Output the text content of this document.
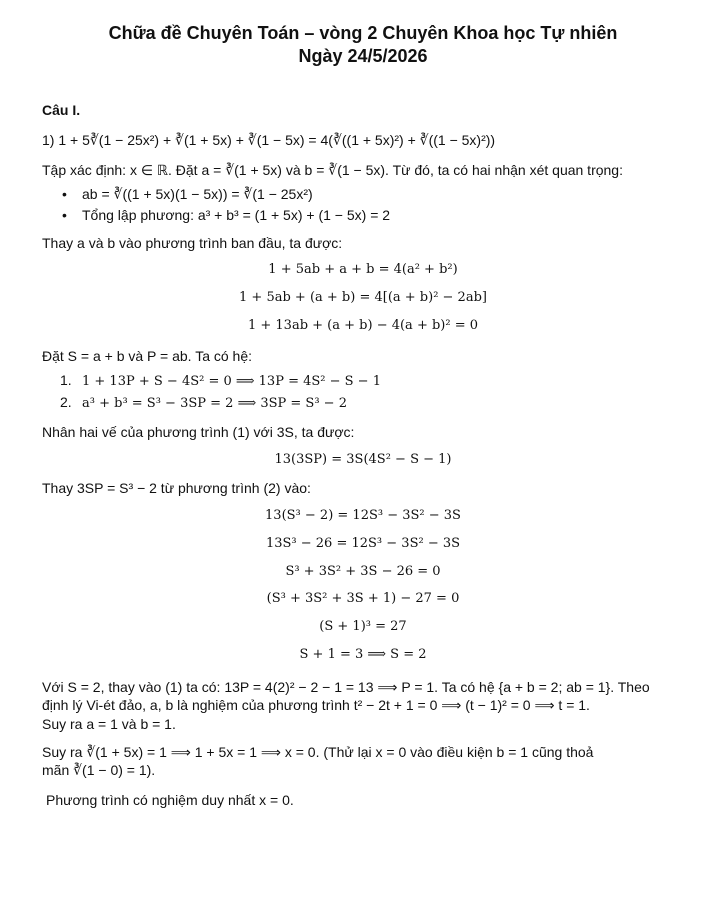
Chữa đề Chuyên Toán – vòng 2 Chuyên Khoa học Tự nhiên
Ngày 24/5/2026
Câu I.
1) 1 + 5∛(1 − 25x²) + ∛(1 + 5x) + ∛(1 − 5x) = 4(∛((1 + 5x)²) + ∛((1 − 5x)²))
Tập xác định: x ∈ ℝ. Đặt a = ∛(1 + 5x) và b = ∛(1 − 5x). Từ đó, ta có hai nhận xét quan trọng:
• ab = ∛((1 + 5x)(1 − 5x)) = ∛(1 − 25x²)
• Tổng lập phương: a³ + b³ = (1 + 5x) + (1 − 5x) = 2
Thay a và b vào phương trình ban đầu, ta được:
1 + 5ab + a + b = 4(a² + b²)
1 + 5ab + (a + b) = 4[(a + b)² − 2ab]
1 + 13ab + (a + b) − 4(a + b)² = 0
Đặt S = a + b và P = ab. Ta có hệ:
1. 1 + 13P + S − 4S² = 0 ⟹ 13P = 4S² − S − 1
2. a³ + b³ = S³ − 3SP = 2 ⟹ 3SP = S³ − 2
Nhân hai vế của phương trình (1) với 3S, ta được:
13(3SP) = 3S(4S² − S − 1)
Thay 3SP = S³ − 2 từ phương trình (2) vào:
13(S³ − 2) = 12S³ − 3S² − 3S
13S³ − 26 = 12S³ − 3S² − 3S
S³ + 3S² + 3S − 26 = 0
(S³ + 3S² + 3S + 1) − 27 = 0
(S + 1)³ = 27
S + 1 = 3 ⟹ S = 2
Với S = 2, thay vào (1) ta có: 13P = 4(2)² − 2 − 1 = 13 ⟹ P = 1. Ta có hệ {a + b = 2; ab = 1}. Theo
định lý Vi-ét đảo, a, b là nghiệm của phương trình t² − 2t + 1 = 0 ⟹ (t − 1)² = 0 ⟹ t = 1.
Suy ra a = 1 và b = 1.
Suy ra ∛(1 + 5x) = 1 ⟹ 1 + 5x = 1 ⟹ x = 0. (Thử lại x = 0 vào điều kiện b = 1 cũng thoả
mãn ∛(1 − 0) = 1).
Phương trình có nghiệm duy nhất x = 0.
